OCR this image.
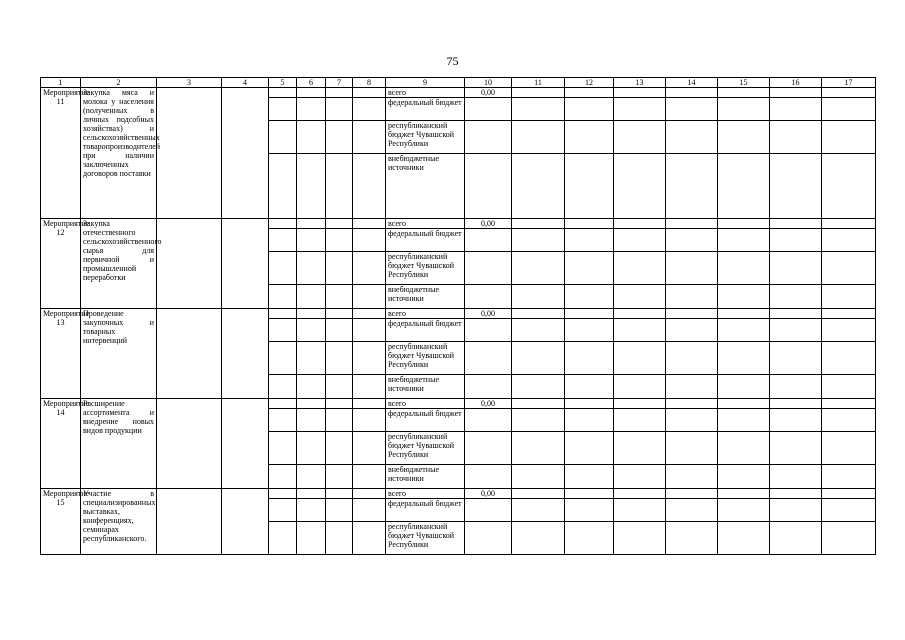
75
1	2	3	4	5	6	7	8	9	10	11	12	13	14	15	16	17
Мероприятие 11	Закупка мяса и молока у населения (полученных в личных подсобных хозяйствах) и сельскохозяйственных товаропроизводителей при наличии заключенных договоров поставки							всего	0,00							
								федеральный бюджет								
								республиканский бюджет Чувашской Республики								
								внебюджетные источники								
Мероприятие 12	Закупка отечественного сельскохозяйственного сырья для первичной и промышленной переработки							всего	0,00							
								федеральный бюджет								
								республиканский бюджет Чувашской Республики								
								внебюджетные источники								
Мероприятие 13	Проведение закупочных и товарных интервенций							всего	0,00							
								федеральный бюджет								
								республиканский бюджет Чувашской Республики								
								внебюджетные источники								
Мероприятие 14	Расширение ассортимента и внедрение новых видов продукции							всего	0,00							
								федеральный бюджет								
								республиканский бюджет Чувашской Республики								
								внебюджетные источники								
Мероприятие 15	Участие в специализированных выставках, конференциях, семинарах республиканского.							всего	0,00							
								федеральный бюджет								
								республиканский бюджет Чувашской Республики								
